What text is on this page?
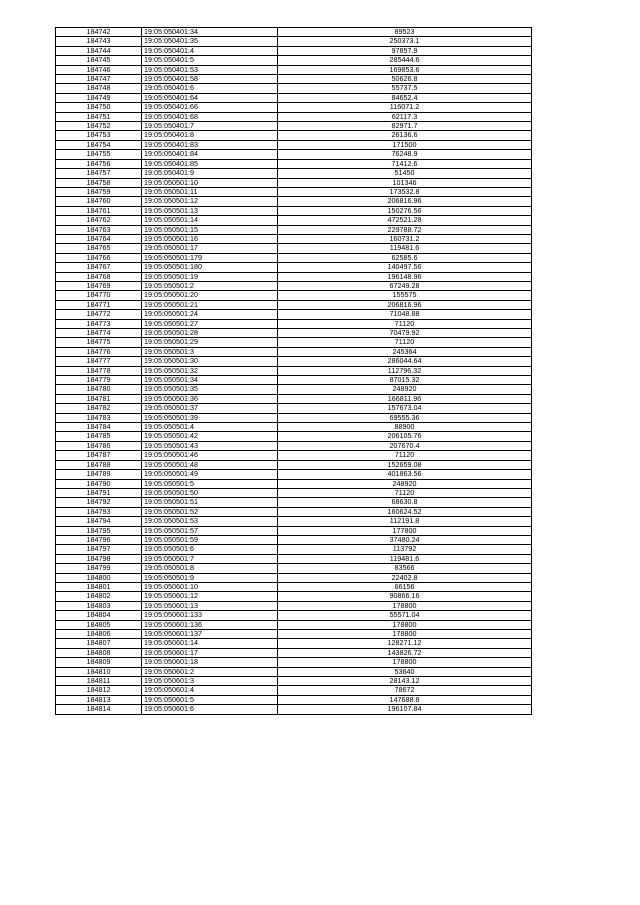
184742	19:05:050401:34	89523
184743	19:05:050401:35	250373.1
184744	19:05:050401:4	97857.9
184745	19:05:050401:5	285444.6
184746	19:05:050401:53	169853.6
184747	19:05:050401:58	50626.8
184748	19:05:050401:6	55737.5
184749	19:05:050401:64	84652.4
184750	19:05:050401:66	116071.2
184751	19:05:050401:68	62117.3
184752	19:05:050401:7	82971.7
184753	19:05:050401:8	26136.6
184754	19:05:050401:83	171500
184755	19:05:050401:84	76248.9
184756	19:05:050401:85	71412.6
184757	19:05:050401:9	51450
184758	19:05:050501:10	101346
184759	19:05:050501:11	173532.8
184760	19:05:050501:12	206816.96
184761	19:05:050501:13	150276.56
184762	19:05:050501:14	472521.28
184763	19:05:050501:15	229788.72
184764	19:05:050501:16	160731.2
184765	19:05:050501:17	119481.6
184766	19:05:050501:179	62585.6
184767	19:05:050501:180	140497.56
184768	19:05:050501:19	196148.96
184769	19:05:050501:2	67249.28
184770	19:05:050501:20	155575
184771	19:05:050501:21	206816.96
184772	19:05:050501:24	71048.88
184773	19:05:050501:27	71120
184774	19:05:050501:28	70479.92
184775	19:05:050501:29	71120
184776	19:05:050501:3	245364
184777	19:05:050501:30	286044.64
184778	19:05:050501:32	112796.32
184779	19:05:050501:34	87015.32
184780	19:05:050501:35	248920
184781	19:05:050501:36	166811.96
184782	19:05:050501:37	157673.04
184783	19:05:050501:39	69555.36
184784	19:05:050501:4	88900
184785	19:05:050501:42	206105.76
184786	19:05:050501:43	207670.4
184787	19:05:050501:46	71120
184788	19:05:050501:48	152659.08
184789	19:05:050501:49	401863.56
184790	19:05:050501:5	248920
184791	19:05:050501:50	71120
184792	19:05:050501:51	68630.8
184793	19:05:050501:52	160624.52
184794	19:05:050501:53	112191.8
184795	19:05:050501:57	177800
184796	19:05:050501:59	37480.24
184797	19:05:050501:6	113792
184798	19:05:050501:7	119481.6
184799	19:05:050501:8	83566
184800	19:05:050501:9	22402.8
184801	19:05:050601:10	66156
184802	19:05:050601:12	90866.16
184803	19:05:050601:13	178800
184804	19:05:050601:133	55571.04
184805	19:05:050601:136	178800
184806	19:05:050601:137	178800
184807	19:05:050601:14	128271.12
184808	19:05:050601:17	143826.72
184809	19:05:050601:18	178800
184810	19:05:050601:2	53640
184811	19:05:050601:3	28143.12
184812	19:05:050601:4	78672
184813	19:05:050601:5	147688.8
184814	19:05:050601:6	196107.84
